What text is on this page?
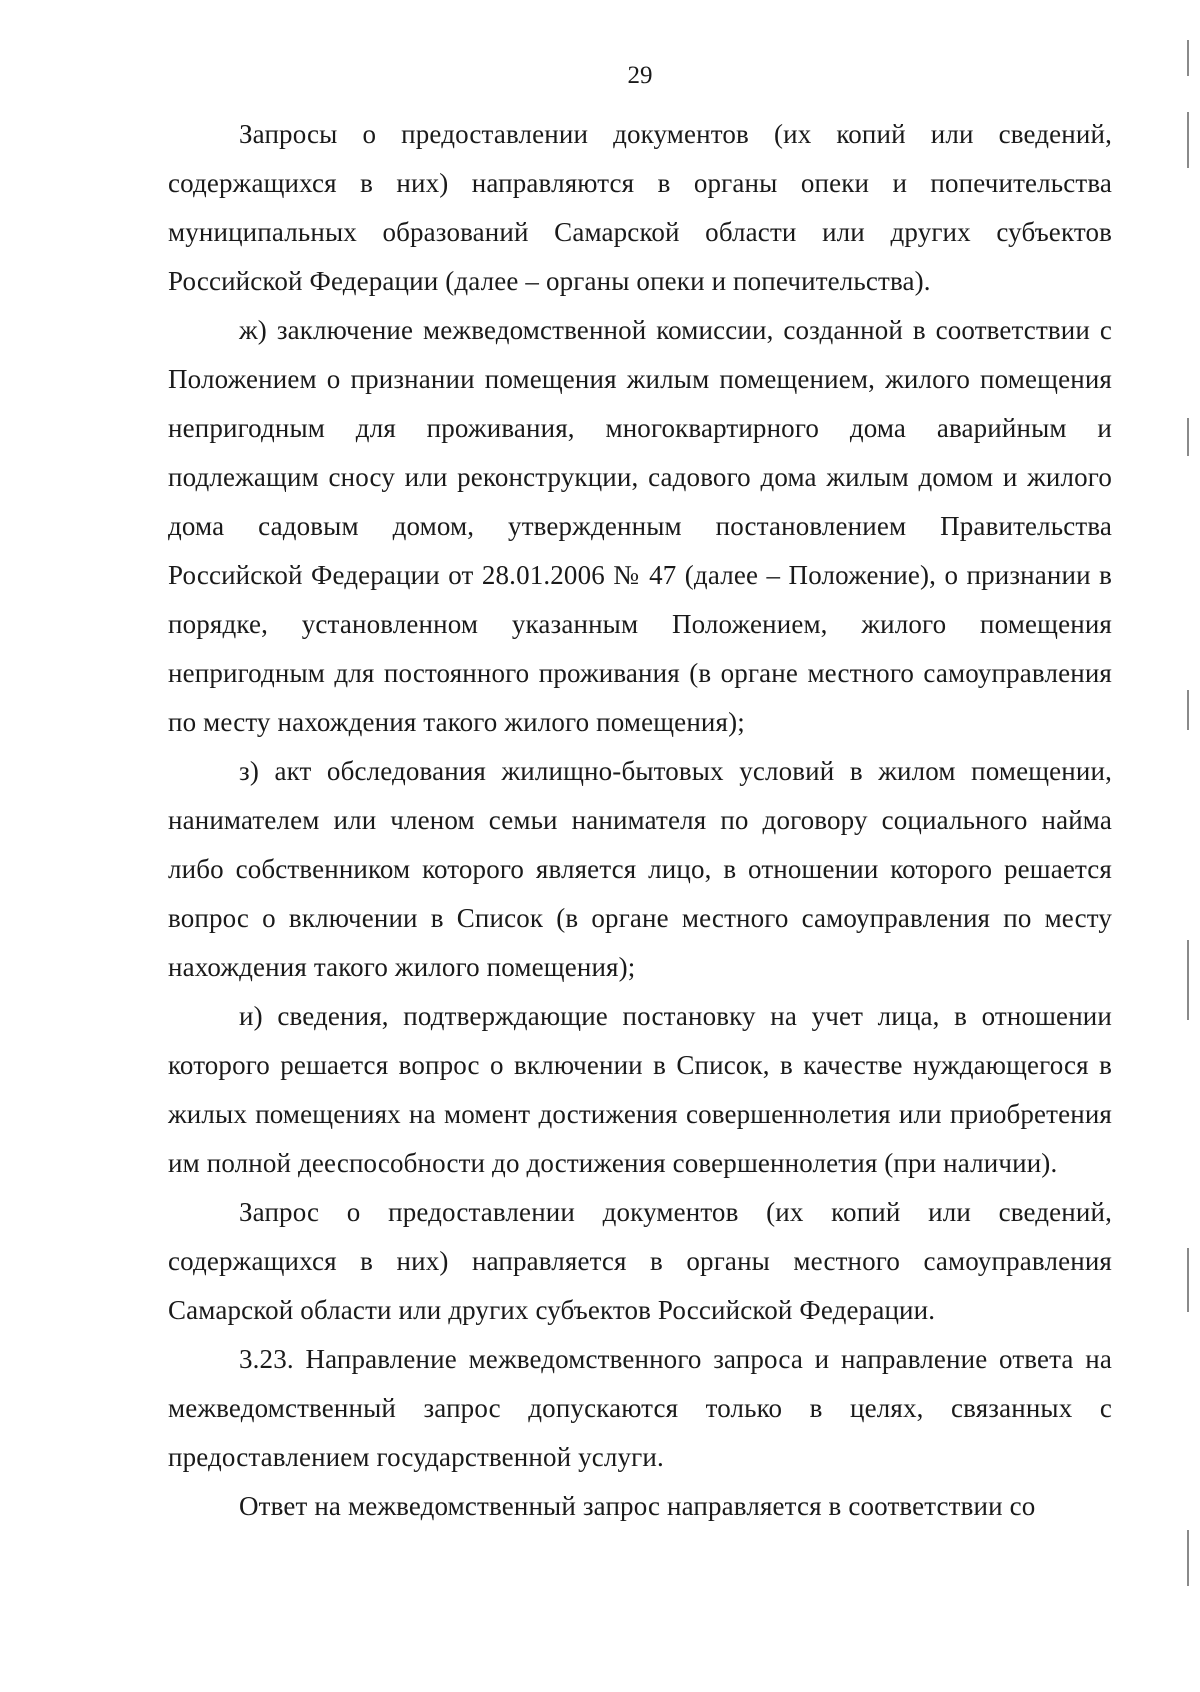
29

Запросы о предоставлении документов (их копий или сведений, содержащихся в них) направляются в органы опеки и попечительства муниципальных образований Самарской области или других субъектов Российской Федерации (далее – органы опеки и попечительства).

ж) заключение межведомственной комиссии, созданной в соответствии с Положением о признании помещения жилым помещением, жилого помещения непригодным для проживания, многоквартирного дома аварийным и подлежащим сносу или реконструкции, садового дома жилым домом и жилого дома садовым домом, утвержденным постановлением Правительства Российской Федерации от 28.01.2006 № 47 (далее – Положение), о признании в порядке, установленном указанным Положением, жилого помещения непригодным для постоянного проживания (в органе местного самоуправления по месту нахождения такого жилого помещения);

з) акт обследования жилищно-бытовых условий в жилом помещении, нанимателем или членом семьи нанимателя по договору социального найма либо собственником которого является лицо, в отношении которого решается вопрос о включении в Список (в органе местного самоуправления по месту нахождения такого жилого помещения);

и) сведения, подтверждающие постановку на учет лица, в отношении которого решается вопрос о включении в Список, в качестве нуждающегося в жилых помещениях на момент достижения совершеннолетия или приобретения им полной дееспособности до достижения совершеннолетия (при наличии).

Запрос о предоставлении документов (их копий или сведений, содержащихся в них) направляется в органы местного самоуправления Самарской области или других субъектов Российской Федерации.

3.23. Направление межведомственного запроса и направление ответа на межведомственный запрос допускаются только в целях, связанных с предоставлением государственной услуги.

Ответ на межведомственный запрос направляется в соответствии со
